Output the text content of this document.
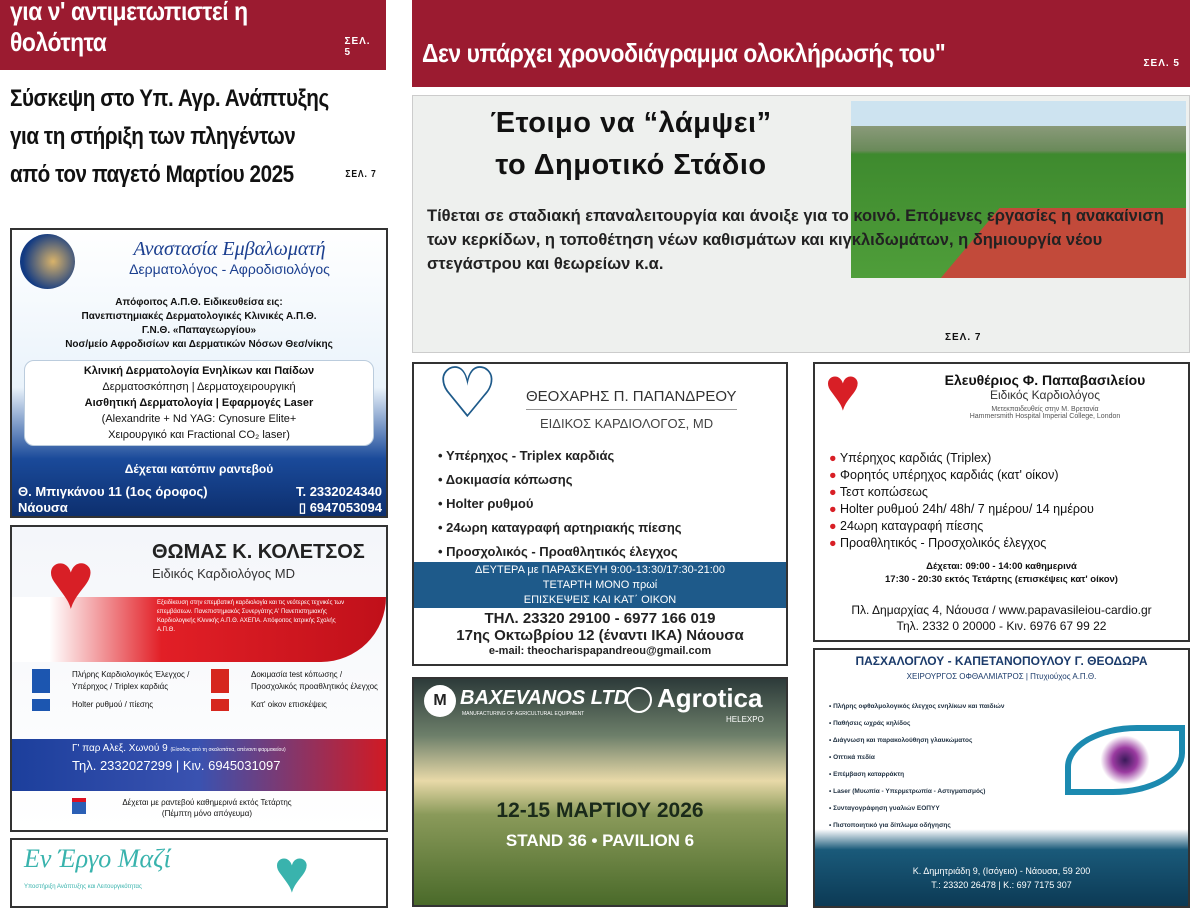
για ν' αντιμετωπιστεί η θολότητα	ΣΕΛ. 5
Σύσκεψη στο Υπ. Αγρ. Ανάπτυξης
για τη στήριξη των πληγέντων
από τον παγετό Μαρτίου 2025	ΣΕΛ. 7
Αναστασία Εμβαλωματή
Δερματολόγος - Αφροδισιολόγος
Απόφοιτος Α.Π.Θ. Ειδικευθείσα εις:
Πανεπιστημιακές Δερματολογικές Κλινικές Α.Π.Θ.
Γ.Ν.Θ. «Παπαγεωργίου»
Νοσ/μείο Αφροδισίων και Δερματικών Νόσων Θεσ/νίκης
Κλινική Δερματολογία Ενηλίκων και Παίδων
Δερματοσκόπηση | Δερματοχειρουργική
Αισθητική Δερματολογία | Εφαρμογές Laser
(Alexandrite + Nd YAG: Cynosure Elite+
Χειρουργικό και Fractional CO₂ laser)
Δέχεται κατόπιν ραντεβού
Θ. Μπιγκάνου 11 (1ος όροφος)	Τ. 2332024340
Νάουσα	▯ 6947053094
♥	ΘΩΜΑΣ Κ. ΚΟΛΕΤΣΟΣ
Ειδικός Καρδιολόγος MD
Εξειδίκευση στην επεμβατική καρδιολογία και τις νεότερες τεχνικές των επεμβάσεων. Πανεπιστημιακός Συνεργάτης Α' Πανεπιστημιακής Καρδιολογικής Κλινικής Α.Π.Θ. ΑΧΕΠΑ. Απόφοιτος Ιατρικής Σχολής Α.Π.Θ.
Πλήρης Καρδιολογικός Έλεγχος / Υπέρηχος / Triplex καρδιάς
Δοκιμασία test κόπωσης / Προσχολικός προαθλητικός έλεγχος
Holter ρυθμού / πίεσης	Κατ' οίκον επισκέψεις
Γ' παρ Αλεξ. Χωνού 9 (Είσοδος από τη σκαλοπάτια, απέναντι φαρμακείου)
Τηλ. 2332027299 | Κιν. 6945031097
Δέχεται με ραντεβού καθημερινά εκτός Τετάρτης
(Πέμπτη μόνο απόγευμα)
Εν Έργο Μαζί
Υποστήριξη Ανάπτυξης και Λειτουργικότητας ♥
Δεν υπάρχει χρονοδιάγραμμα ολοκλήρωσής του"	ΣΕΛ. 5
Έτοιμο να “λάμψει”
το Δημοτικό Στάδιο
Τίθεται σε σταδιακή επαναλειτουργία και άνοιξε για το κοινό. Επόμενες εργασίες η ανακαίνιση των κερκίδων, η τοποθέτηση νέων καθισμάτων και κιγκλιδωμάτων, η δημιουργία νέου στεγάστρου και θεωρείων κ.α.
ΣΕΛ. 7
♡ ΘΕΟΧΑΡΗΣ Π. ΠΑΠΑΝΔΡΕΟΥ
ΕΙΔΙΚΟΣ ΚΑΡΔΙΟΛΟΓΟΣ, MD
• Υπέρηχος - Triplex καρδιάς
• Δοκιμασία κόπωσης
• Holter ρυθμού
• 24ωρη καταγραφή αρτηριακής πίεσης
• Προσχολικός - Προαθλητικός έλεγχος
ΔΕΥΤΕΡΑ με ΠΑΡΑΣΚΕΥΗ 9:00-13:30/17:30-21:00
ΤΕΤΑΡΤΗ ΜΟΝΟ πρωί
ΕΠΙΣΚΕΨΕΙΣ ΚΑΙ ΚΑΤ΄ ΟΙΚΟΝ
ΤΗΛ. 23320 29100 - 6977 166 019
17ης Οκτωβρίου 12 (έναντι ΙΚΑ) Νάουσα
e-mail: theocharispapandreou@gmail.com
♥	Ελευθέριος Φ. Παπαβασιλείου
Ειδικός Καρδιολόγος
Μετεκπαιδευθείς στην Μ. Βρετανία
Hammersmith Hospital Imperial College, London
● Υπέρηχος καρδιάς (Triplex)
● Φορητός υπέρηχος καρδιάς (κατ' οίκον)
● Τεστ κοπώσεως
● Holter ρυθμού 24h/ 48h/ 7 ημέρου/ 14 ημέρου
● 24ωρη καταγραφή πίεσης
● Προαθλητικός - Προσχολικός έλεγχος
Δέχεται: 09:00 - 14:00 καθημερινά
17:30 - 20:30 εκτός Τετάρτης (επισκέψεις κατ' οίκον)
Πλ. Δημαρχίας 4, Νάουσα / www.papavasileiou-cardio.gr
Τηλ. 2332 0 20000 - Κιν. 6976 67 99 22
M BAXEVANOS LTD
MANUFACTURING OF AGRICULTURAL EQUIPMENT
Agrotica
HELEXPO
12-15 ΜΑΡΤΙΟΥ 2026
STAND 36 • PAVILION 6
ΠΑΣΧΑΛΟΓΛΟΥ - ΚΑΠΕΤΑΝΟΠΟΥΛΟΥ Γ. ΘΕΟΔΩΡΑ
ΧΕΙΡΟΥΡΓΟΣ ΟΦΘΑΛΜΙΑΤΡΟΣ | Πτυχιούχος Α.Π.Θ.
• Πλήρης οφθαλμολογικός έλεγχος ενηλίκων και παιδιών
• Παθήσεις ωχράς κηλίδος
• Διάγνωση και παρακολούθηση γλαυκώματος
• Οπτικά πεδία
• Επέμβαση καταρράκτη
• Laser (Μυωπία - Υπερμετρωπία - Αστιγματισμός)
• Συνταγογράφηση γυαλιών ΕΟΠΥΥ
• Πιστοποιητικό για δίπλωμα οδήγησης
Κ. Δημητριάδη 9, (Ισόγειο) - Νάουσα, 59 200
Τ.: 23320 26478 | Κ.: 697 7175 307
